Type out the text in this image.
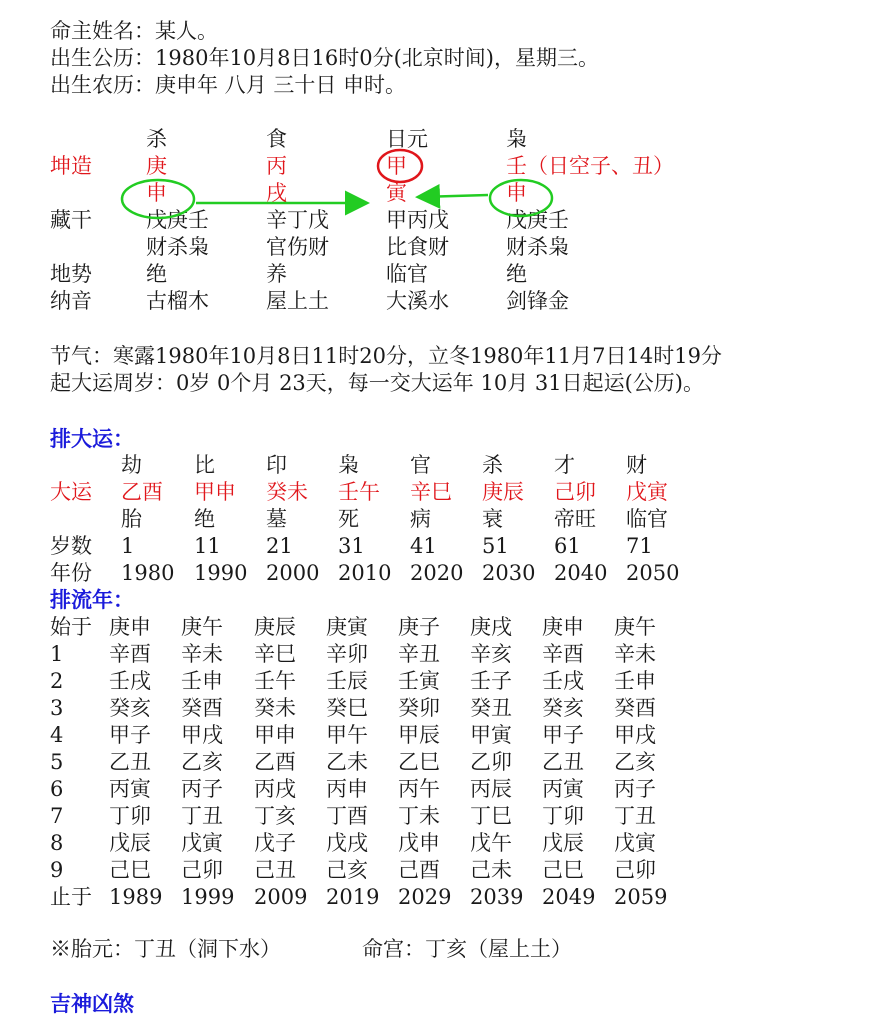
命主姓名：某人。
出生公历：1980年10月8日16时0分(北京时间)，星期三。
出生农历：庚申年 八月 三十日 申时。
坤造
藏干
地势
纳音
杀
庚
申
戊庚壬
财杀枭
绝
古榴木
食
丙
戌
辛丁戊
官伤财
养
屋上土
日元
甲
寅
甲丙戊
比食财
临官
大溪水
枭
壬（日空子、丑）
申
戊庚壬
财杀枭
绝
剑锋金
节气：寒露1980年10月8日11时20分，立冬1980年11月7日14时19分
起大运周岁：0岁 0个月 23天，每一交大运年 10月 31日起运(公历)。
排大运：
大运
岁数
年份
劫
乙酉
胎
1
1980
比
甲申
绝
11
1990
印
癸未
墓
21
2000
枭
壬午
死
31
2010
官
辛巳
病
41
2020
杀
庚辰
衰
51
2030
才
己卯
帝旺
61
2040
财
戊寅
临官
71
2050
排流年：
始于 庚申 庚午 庚辰 庚寅 庚子 庚戌 庚申 庚午
1 辛酉 辛未 辛巳 辛卯 辛丑 辛亥 辛酉 辛未
2 壬戌 壬申 壬午 壬辰 壬寅 壬子 壬戌 壬申
3 癸亥 癸酉 癸未 癸巳 癸卯 癸丑 癸亥 癸酉
4 甲子 甲戌 甲申 甲午 甲辰 甲寅 甲子 甲戌
5 乙丑 乙亥 乙酉 乙未 乙巳 乙卯 乙丑 乙亥
6 丙寅 丙子 丙戌 丙申 丙午 丙辰 丙寅 丙子
7 丁卯 丁丑 丁亥 丁酉 丁未 丁巳 丁卯 丁丑
8 戊辰 戊寅 戊子 戊戌 戊申 戊午 戊辰 戊寅
9 己巳 己卯 己丑 己亥 己酉 己未 己巳 己卯
止于 1989 1999 2009 2019 2029 2039 2049 2059
※胎元：丁丑（洞下水）	命宫：丁亥（屋上土）
吉神凶煞
